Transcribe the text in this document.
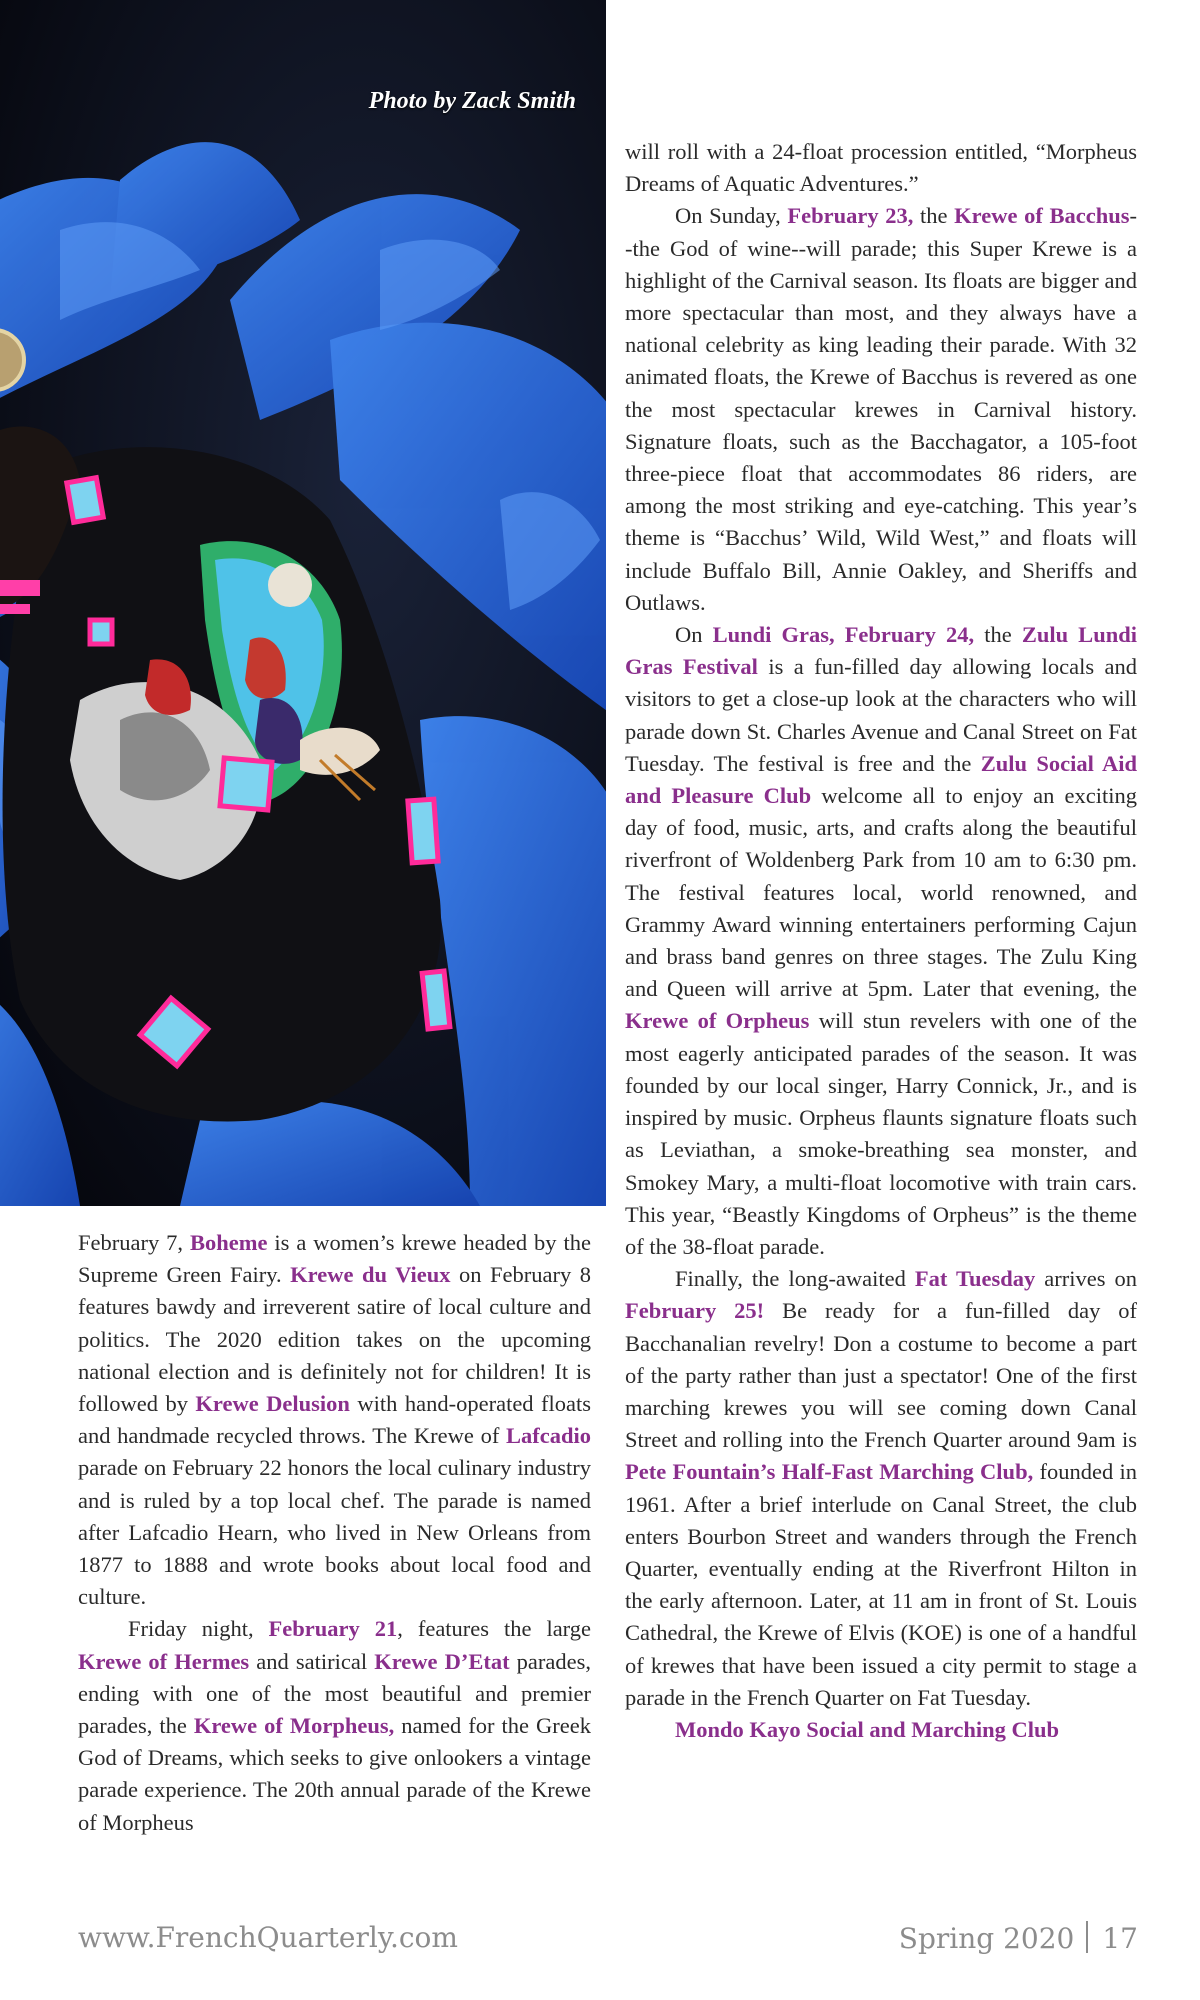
Photo by Zack Smith

February 7, Boheme is a women’s krewe headed by the Supreme Green Fairy. Krewe du Vieux on February 8 features bawdy and irreverent satire of local culture and politics. The 2020 edition takes on the upcoming national election and is definitely not for children! It is followed by Krewe Delusion with hand-operated floats and handmade recycled throws. The Krewe of Lafcadio parade on February 22 honors the local culinary industry and is ruled by a top local chef. The parade is named after Lafcadio Hearn, who lived in New Orleans from 1877 to 1888 and wrote books about local food and culture.

Friday night, February 21, features the large Krewe of Hermes and satirical Krewe D’Etat parades, ending with one of the most beautiful and premier parades, the Krewe of Morpheus, named for the Greek God of Dreams, which seeks to give onlookers a vintage parade experience. The 20th annual parade of the Krewe of Morpheus

will roll with a 24-float procession entitled, “Morpheus Dreams of Aquatic Adventures.”

On Sunday, February 23, the Krewe of Bacchus--the God of wine--will parade; this Super Krewe is a highlight of the Carnival season. Its floats are bigger and more spectacular than most, and they always have a national celebrity as king leading their parade. With 32 animated floats, the Krewe of Bacchus is revered as one the most spectacular krewes in Carnival history. Signature floats, such as the Bacchagator, a 105-foot three-piece float that accommodates 86 riders, are among the most striking and eye-catching. This year’s theme is “Bacchus’ Wild, Wild West,” and floats will include Buffalo Bill, Annie Oakley, and Sheriffs and Outlaws.

On Lundi Gras, February 24, the Zulu Lundi Gras Festival is a fun-filled day allowing locals and visitors to get a close-up look at the characters who will parade down St. Charles Avenue and Canal Street on Fat Tuesday. The festival is free and the Zulu Social Aid and Pleasure Club welcome all to enjoy an exciting day of food, music, arts, and crafts along the beautiful riverfront of Woldenberg Park from 10 am to 6:30 pm. The festival features local, world renowned, and Grammy Award winning entertainers performing Cajun and brass band genres on three stages. The Zulu King and Queen will arrive at 5pm. Later that evening, the Krewe of Orpheus will stun revelers with one of the most eagerly anticipated parades of the season. It was founded by our local singer, Harry Connick, Jr., and is inspired by music. Orpheus flaunts signature floats such as Leviathan, a smoke-breathing sea monster, and Smokey Mary, a multi-float locomotive with train cars. This year, “Beastly Kingdoms of Orpheus” is the theme of the 38-float parade.

Finally, the long-awaited Fat Tuesday arrives on February 25! Be ready for a fun-filled day of Bacchanalian revelry! Don a costume to become a part of the party rather than just a spectator! One of the first marching krewes you will see coming down Canal Street and rolling into the French Quarter around 9am is Pete Fountain’s Half-Fast Marching Club, founded in 1961. After a brief interlude on Canal Street, the club enters Bourbon Street and wanders through the French Quarter, eventually ending at the Riverfront Hilton in the early afternoon. Later, at 11 am in front of St. Louis Cathedral, the Krewe of Elvis (KOE) is one of a handful of krewes that have been issued a city permit to stage a parade in the French Quarter on Fat Tuesday.

Mondo Kayo Social and Marching Club

www.FrenchQuarterly.com	Spring 2020 17
